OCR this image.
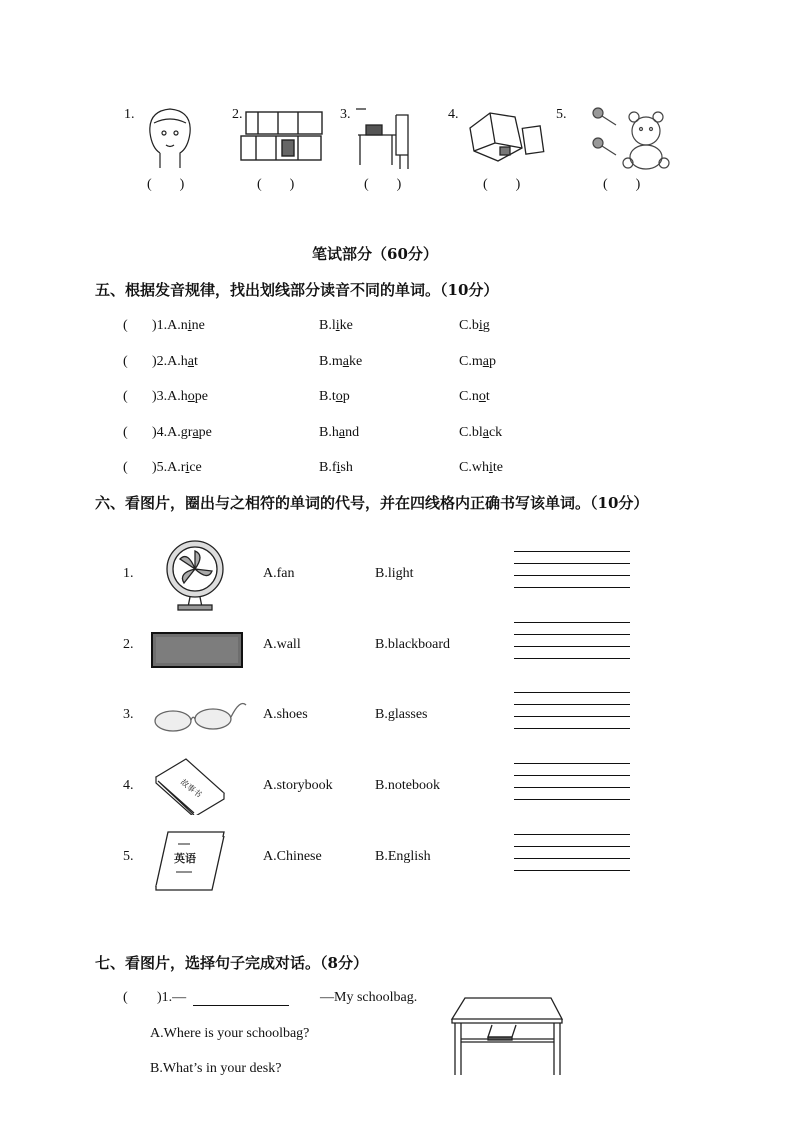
1.	2.	3.	4.	5.
(　　)	(　　)	(　　)	(　　)	(　　)
笔试部分（60分）
五、根据发音规律，找出划线部分读音不同的单词。（10分）
( )1.A.nine	B.like	C.big
( )2.A.hat	B.make	C.map
( )3.A.hope	B.top	C.not
( )4.A.grape	B.hand	C.black
( )5.A.rice	B.fish	C.white
六、看图片，圈出与之相符的单词的代号，并在四线格内正确书写该单词。（10分）
1.	A.fan	B.light
2.	A.wall	B.blackboard
3.	A.shoes	B.glasses
4.	A.storybook	B.notebook
5.	A.Chinese	B.English
故事书
英语
七、看图片，选择句子完成对话。（8分）
( )1.—	—My schoolbag.
A.Where is your schoolbag?
B.What’s in your desk?
